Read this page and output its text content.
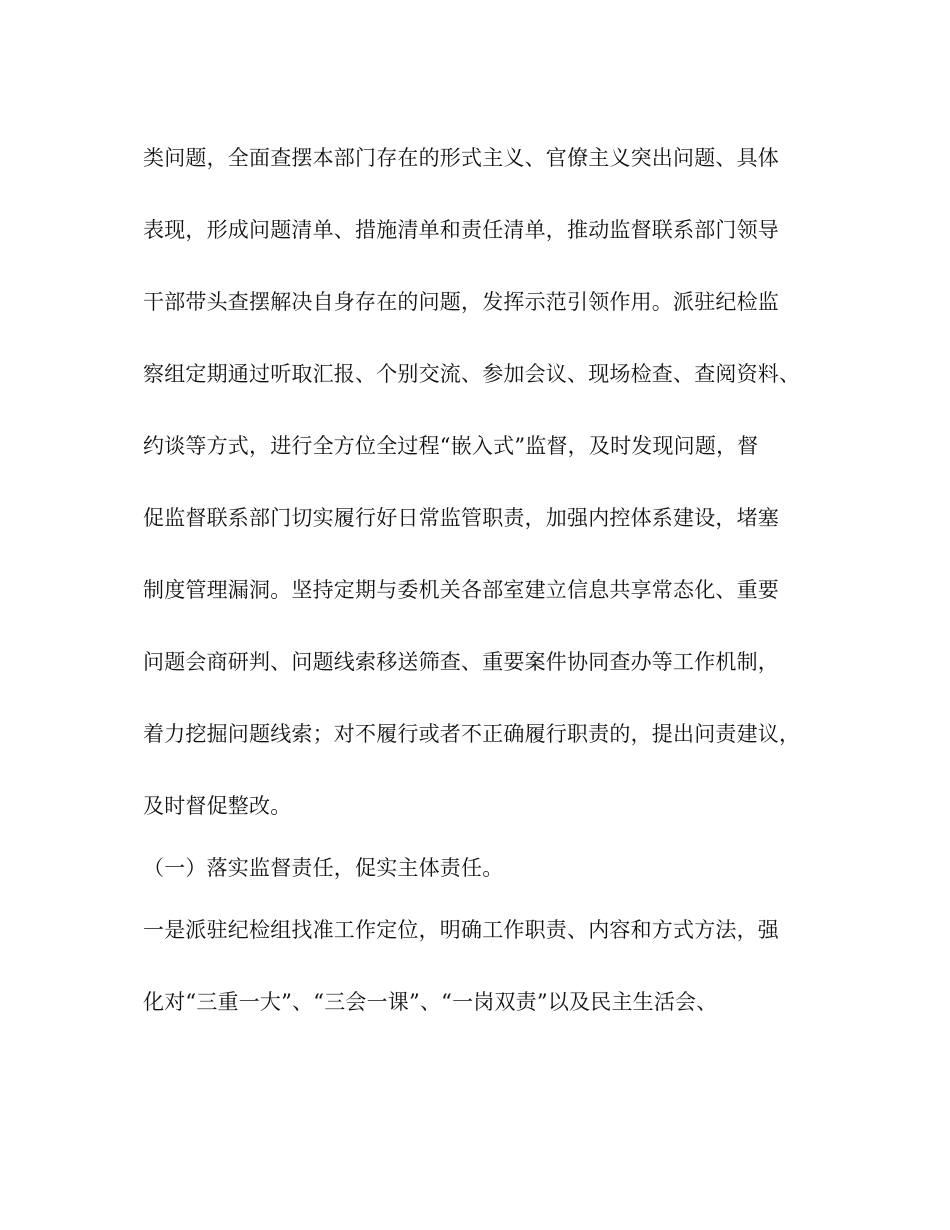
类问题，全面查摆本部门存在的形式主义、官僚主义突出问题、具体
表现，形成问题清单、措施清单和责任清单，推动监督联系部门领导
干部带头查摆解决自身存在的问题，发挥示范引领作用。派驻纪检监
察组定期通过听取汇报、个别交流、参加会议、现场检查、查阅资料、
约谈等方式，进行全方位全过程“嵌入式”监督，及时发现问题，督
促监督联系部门切实履行好日常监管职责，加强内控体系建设，堵塞
制度管理漏洞。坚持定期与委机关各部室建立信息共享常态化、重要
问题会商研判、问题线索移送筛查、重要案件协同查办等工作机制，
着力挖掘问题线索；对不履行或者不正确履行职责的，提出问责建议，
及时督促整改。
（一）落实监督责任，促实主体责任。
一是派驻纪检组找准工作定位，明确工作职责、内容和方式方法，强
化对“三重一大”、“三会一课”、“一岗双责”以及民主生活会、
